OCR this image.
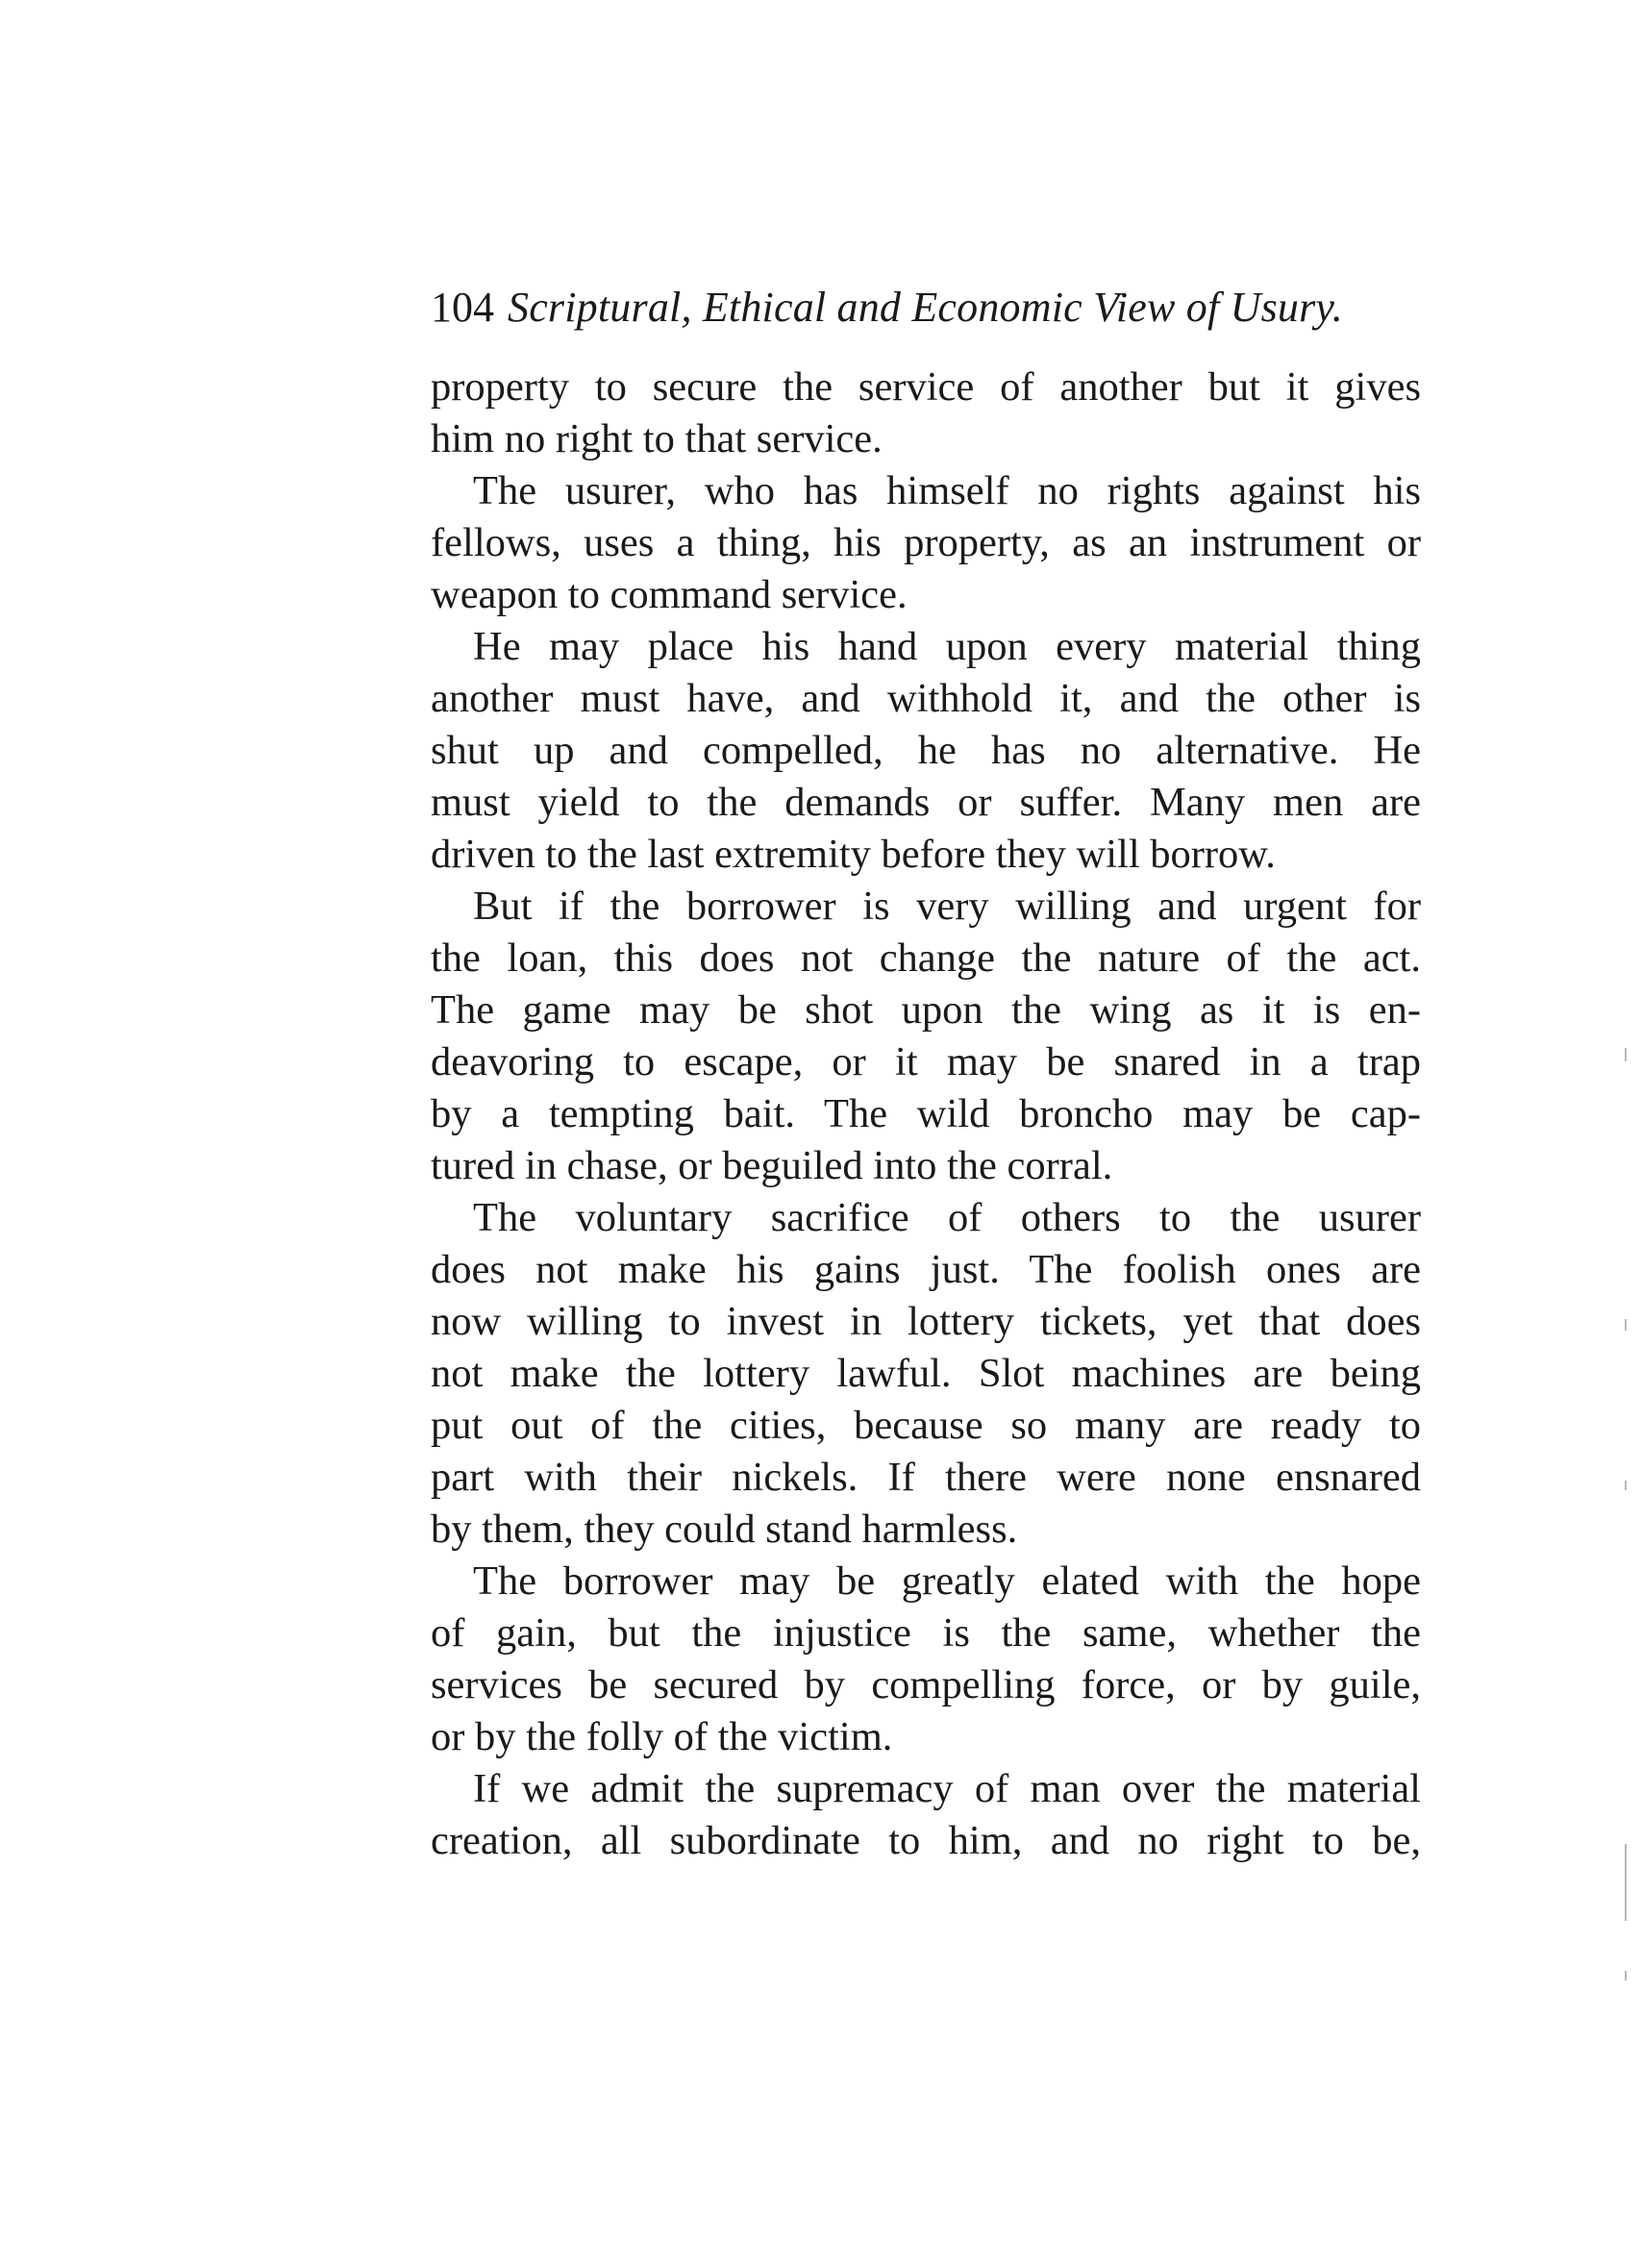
104 Scriptural, Ethical and Economic View of Usury.
property to secure the service of another but it gives
him no right to that service.
The usurer, who has himself no rights against his
fellows, uses a thing, his property, as an instrument or
weapon to command service.
He may place his hand upon every material thing
another must have, and withhold it, and the other is
shut up and compelled, he has no alternative. He
must yield to the demands or suffer. Many men are
driven to the last extremity before they will borrow.
But if the borrower is very willing and urgent for
the loan, this does not change the nature of the act.
The game may be shot upon the wing as it is en-
deavoring to escape, or it may be snared in a trap
by a tempting bait. The wild broncho may be cap-
tured in chase, or beguiled into the corral.
The voluntary sacrifice of others to the usurer
does not make his gains just. The foolish ones are
now willing to invest in lottery tickets, yet that does
not make the lottery lawful. Slot machines are being
put out of the cities, because so many are ready to
part with their nickels. If there were none ensnared
by them, they could stand harmless.
The borrower may be greatly elated with the hope
of gain, but the injustice is the same, whether the
services be secured by compelling force, or by guile,
or by the folly of the victim.
If we admit the supremacy of man over the material
creation, all subordinate to him, and no right to be,
